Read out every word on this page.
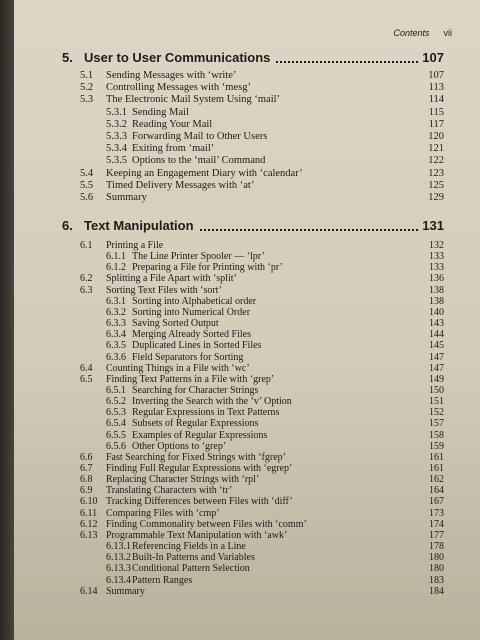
Contents vii
5. User to User Communications	107
5.1	Sending Messages with ‘write’	107
5.2	Controlling Messages with ‘mesg’	113
5.3	The Electronic Mail System Using ‘mail’	114
5.3.1 Sending Mail	115
5.3.2 Reading Your Mail	117
5.3.3 Forwarding Mail to Other Users	120
5.3.4 Exiting from ‘mail’	121
5.3.5 Options to the ‘mail’ Command	122
5.4	Keeping an Engagement Diary with ‘calendar’	123
5.5	Timed Delivery Messages with ‘at’	125
5.6	Summary	129
6. Text Manipulation	131
6.1	Printing a File	132
6.1.1 The Line Printer Spooler — ‘lpr’	133
6.1.2 Preparing a File for Printing with ‘pr’	133
6.2	Splitting a File Apart with ‘split’	136
6.3	Sorting Text Files with ‘sort’	138
6.3.1 Sorting into Alphabetical order	138
6.3.2 Sorting into Numerical Order	140
6.3.3 Saving Sorted Output	143
6.3.4 Merging Already Sorted Files	144
6.3.5 Duplicated Lines in Sorted Files	145
6.3.6 Field Separators for Sorting	147
6.4	Counting Things in a File with ‘wc’	147
6.5	Finding Text Patterns in a File with ‘grep’	149
6.5.1 Searching for Character Strings	150
6.5.2 Inverting the Search with the ‘v’ Option	151
6.5.3 Regular Expressions in Text Patterns	152
6.5.4 Subsets of Regular Expressions	157
6.5.5 Examples of Regular Expressions	158
6.5.6 Other Options to ‘grep’	159
6.6	Fast Searching for Fixed Strings with ‘fgrep’	161
6.7	Finding Full Regular Expressions with ‘egrep’	161
6.8	Replacing Character Strings with ‘rpl’	162
6.9	Translating Characters with ‘tr’	164
6.10 Tracking Differences between Files with ‘diff’	167
6.11 Comparing Files with ‘cmp’	173
6.12 Finding Commonality between Files with ‘comm’	174
6.13 Programmable Text Manipulation with ‘awk’	177
6.13.1 Referencing Fields in a Line	178
6.13.2 Built-In Patterns and Variables	180
6.13.3 Conditional Pattern Selection	180
6.13.4 Pattern Ranges	183
6.14 Summary	184
